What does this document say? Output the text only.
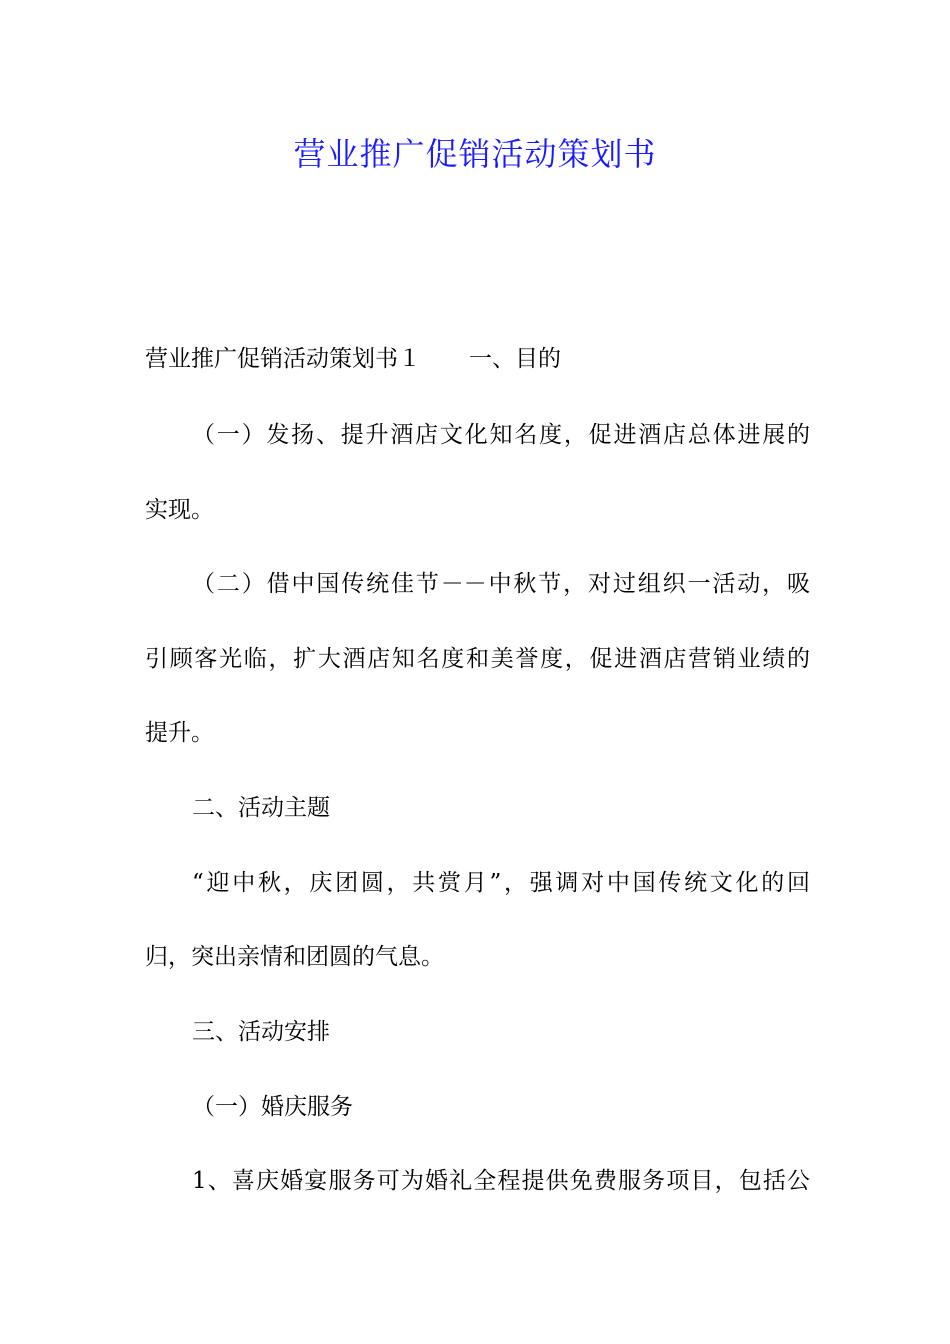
营业推广促销活动策划书
营业推广促销活动策划书１ 一、目的
（一）发扬、提升酒店文化知名度，促进酒店总体进展的
实现。
（二）借中国传统佳节－－中秋节，对过组织一活动，吸
引顾客光临，扩大酒店知名度和美誉度，促进酒店营销业绩的
提升。
二、活动主题
“迎中秋，庆团圆，共赏月”，强调对中国传统文化的回
归，突出亲情和团圆的气息。
三、活动安排
（一）婚庆服务
1、喜庆婚宴服务可为婚礼全程提供免费服务项目，包括公
